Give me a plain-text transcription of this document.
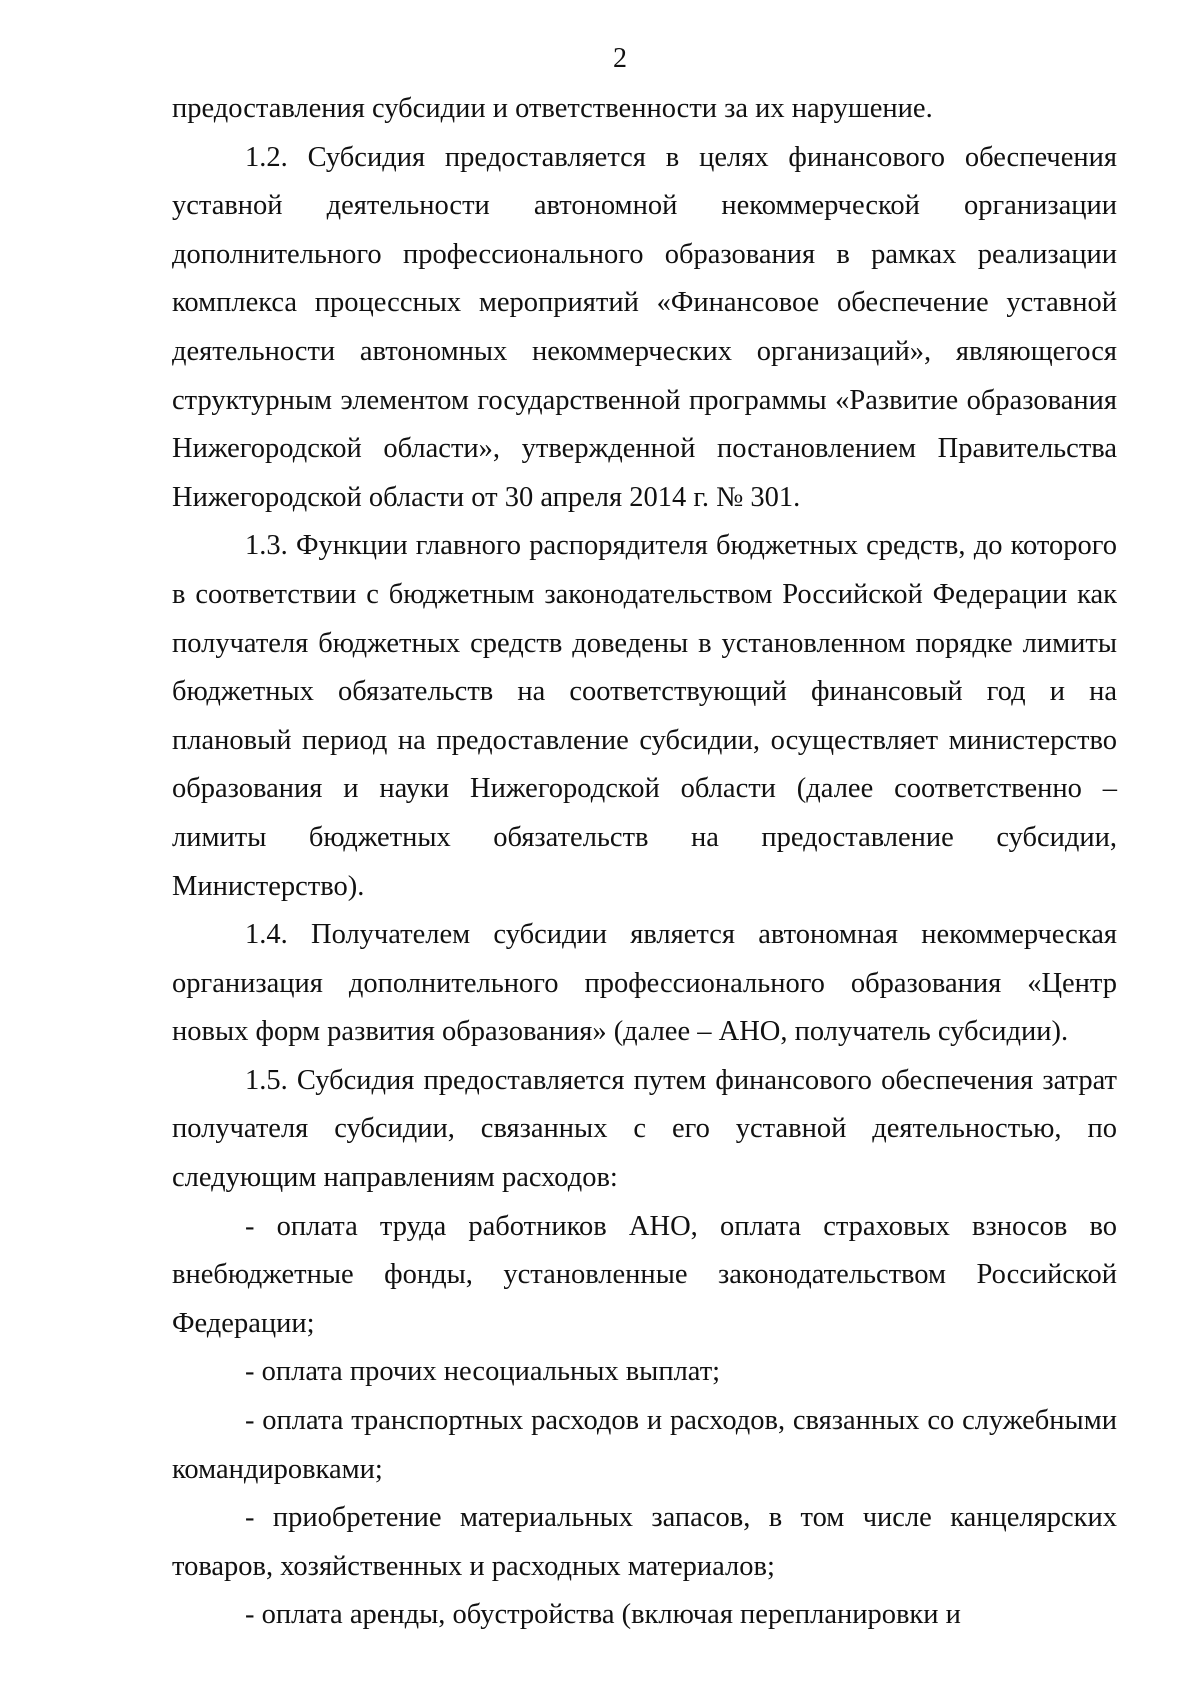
2

предоставления субсидии и ответственности за их нарушение.

1.2. Субсидия предоставляется в целях финансового обеспечения уставной деятельности автономной некоммерческой организации дополнительного профессионального образования в рамках реализации комплекса процессных мероприятий «Финансовое обеспечение уставной деятельности автономных некоммерческих организаций», являющегося структурным элементом государственной программы «Развитие образования Нижегородской области», утвержденной постановлением Правительства Нижегородской области от 30 апреля 2014 г. № 301.

1.3. Функции главного распорядителя бюджетных средств, до которого в соответствии с бюджетным законодательством Российской Федерации как получателя бюджетных средств доведены в установленном порядке лимиты бюджетных обязательств на соответствующий финансовый год и на плановый период на предоставление субсидии, осуществляет министерство образования и науки Нижегородской области (далее соответственно – лимиты бюджетных обязательств на предоставление субсидии, Министерство).

1.4. Получателем субсидии является автономная некоммерческая организация дополнительного профессионального образования «Центр новых форм развития образования» (далее – АНО, получатель субсидии).

1.5. Субсидия предоставляется путем финансового обеспечения затрат получателя субсидии, связанных с его уставной деятельностью, по следующим направлениям расходов:

- оплата труда работников АНО, оплата страховых взносов во внебюджетные фонды, установленные законодательством Российской Федерации;

- оплата прочих несоциальных выплат;

- оплата транспортных расходов и расходов, связанных со служебными командировками;

- приобретение материальных запасов, в том числе канцелярских товаров, хозяйственных и расходных материалов;

- оплата аренды, обустройства (включая перепланировки и
